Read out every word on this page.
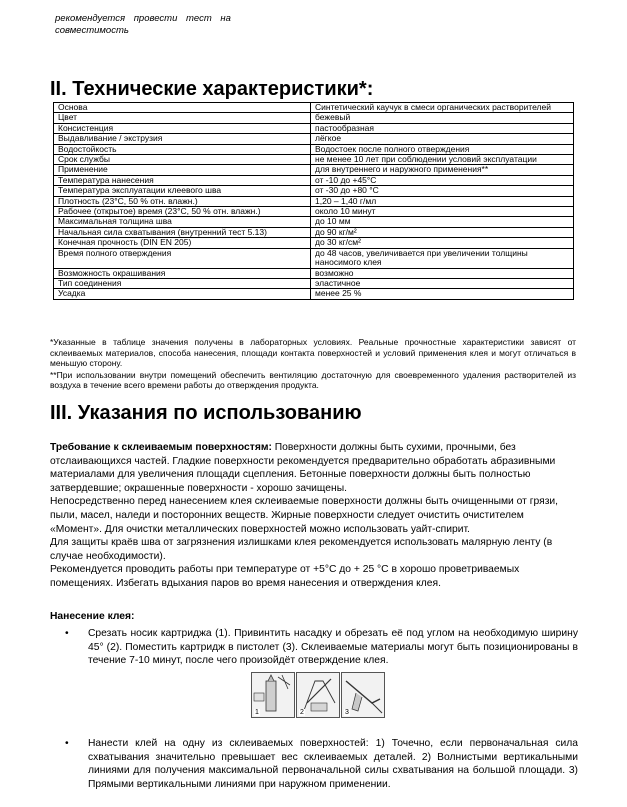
рекомендуется провести тест на совместимость
II. Технические характеристики*:
Основа	Синтетический каучук в смеси органических растворителей
Цвет	бежевый
Консистенция	пастообразная
Выдавливание / экструзия	лёгкое
Водостойкость	Водостоек после полного отверждения
Срок службы	не менее 10 лет при соблюдении условий эксплуатации
Применение	для внутреннего и наружного применения**
Температура нанесения	от -10 до +45°С
Температура эксплуатации клеевого шва	от -30 до +80 °С
Плотность (23°С, 50 % отн. влажн.)	1,20 – 1,40 г/мл
Рабочее (открытое) время (23°С, 50 % отн. влажн.)	около 10 минут
Максимальная толщина шва	до 10 мм
Начальная сила схватывания (внутренний тест 5.13)	до 90 кг/м²
Конечная прочность (DIN EN 205)	до 30 кг/см²
Время полного отверждения	до 48 часов, увеличивается при увеличении толщины наносимого клея
Возможность окрашивания	возможно
Тип соединения	эластичное
Усадка	менее 25 %

*Указанные в таблице значения получены в лабораторных условиях. Реальные прочностные характеристики зависят от склеиваемых материалов, способа нанесения, площади контакта поверхностей и условий применения клея и могут отличаться в меньшую сторону.

**При использовании внутри помещений обеспечить вентиляцию достаточную для своевременного удаления растворителей из воздуха в течение всего времени работы до отверждения продукта.

III. Указания по использованию

Требование к склеиваемым поверхностям: Поверхности должны быть сухими, прочными, без отслаивающихся частей. Гладкие поверхности рекомендуется предварительно обработать абразивными материалами для увеличения площади сцепления. Бетонные поверхности должны быть полностью затвердевшие; окрашенные поверхности - хорошо зачищены.

Непосредственно перед нанесением клея склеиваемые поверхности должны быть очищенными от грязи, пыли, масел, наледи и посторонних веществ. Жирные поверхности следует очистить очистителем «Момент». Для очистки металлических поверхностей можно использовать уайт-спирит.

Для защиты краёв шва от загрязнения излишками клея рекомендуется использовать малярную ленту (в случае необходимости).

Рекомендуется проводить работы при температуре от +5°С до + 25 °С в хорошо проветриваемых помещениях. Избегать вдыхания паров во время нанесения и отверждения клея.

Нанесение клея:
• Срезать носик картриджа (1). Привинтить насадку и обрезать её под углом на необходимую ширину 45° (2). Поместить картридж в пистолет (3). Склеиваемые материалы могут быть позиционированы в течение 7-10 минут, после чего произойдёт отверждение клея.
1	2	3
• Нанести клей на одну из склеиваемых поверхностей: 1) Точечно, если первоначальная сила схватывания значительно превышает вес склеиваемых деталей. 2) Волнистыми вертикальными линиями для получения максимальной первоначальной силы схватывания на большой площади. 3) Прямыми вертикальными линиями при наружном применении.
